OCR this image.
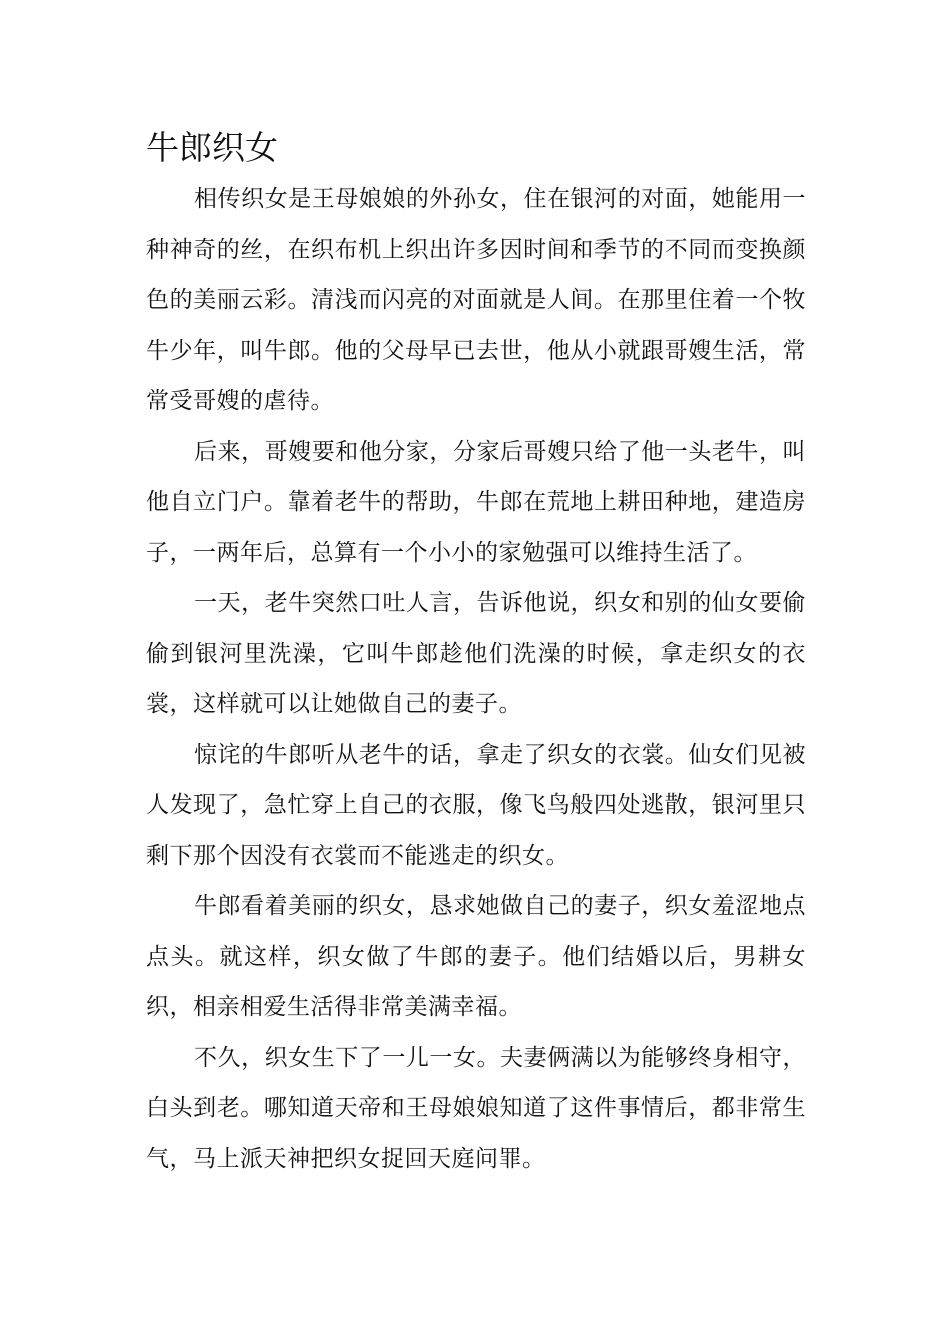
牛郎织女

相传织女是王母娘娘的外孙女，住在银河的对面，她能用一种神奇的丝，在织布机上织出许多因时间和季节的不同而变换颜色的美丽云彩。清浅而闪亮的对面就是人间。在那里住着一个牧牛少年，叫牛郎。他的父母早已去世，他从小就跟哥嫂生活，常常受哥嫂的虐待。

后来，哥嫂要和他分家，分家后哥嫂只给了他一头老牛，叫他自立门户。靠着老牛的帮助，牛郎在荒地上耕田种地，建造房子，一两年后，总算有一个小小的家勉强可以维持生活了。

一天，老牛突然口吐人言，告诉他说，织女和别的仙女要偷偷到银河里洗澡，它叫牛郎趁他们洗澡的时候，拿走织女的衣裳，这样就可以让她做自己的妻子。

惊诧的牛郎听从老牛的话，拿走了织女的衣裳。仙女们见被人发现了，急忙穿上自己的衣服，像飞鸟般四处逃散，银河里只剩下那个因没有衣裳而不能逃走的织女。

牛郎看着美丽的织女，恳求她做自己的妻子，织女羞涩地点点头。就这样，织女做了牛郎的妻子。他们结婚以后，男耕女织，相亲相爱生活得非常美满幸福。

不久，织女生下了一儿一女。夫妻俩满以为能够终身相守，白头到老。哪知道天帝和王母娘娘知道了这件事情后，都非常生气，马上派天神把织女捉回天庭问罪。
